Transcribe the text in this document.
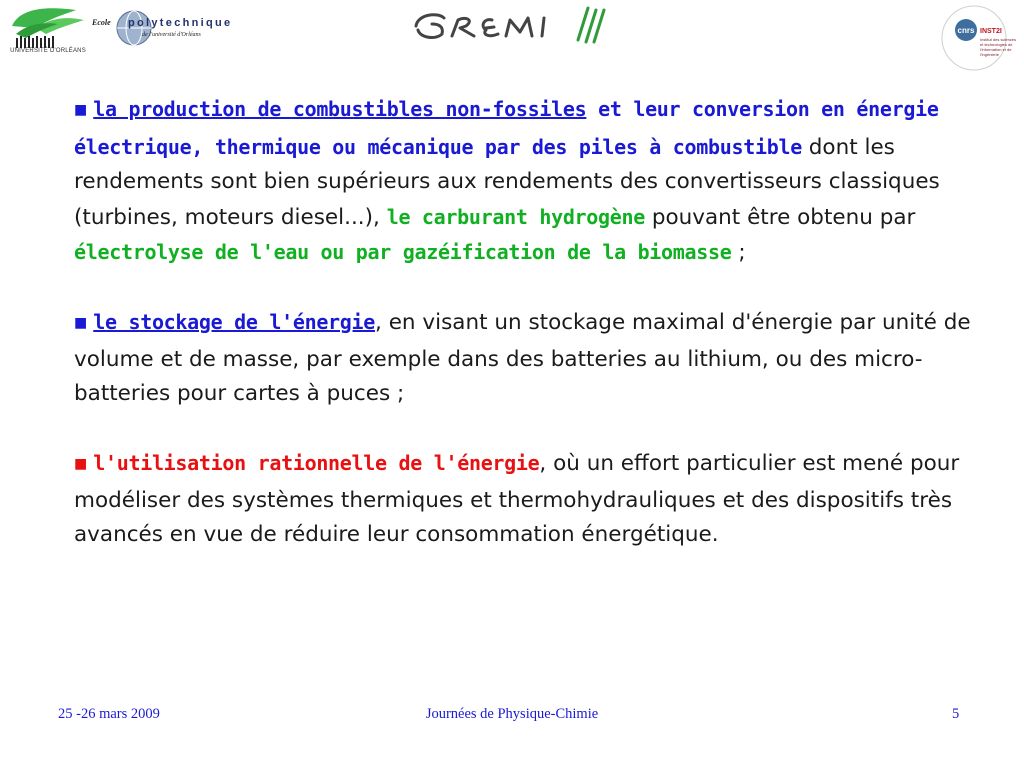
UNIVERSITÉ D'ORLÉANS
Ecole polytechnique
de l'université d'Orléans	cnrs INST2I
Institut des sciences et technologies de l'information et de l'ingénierie

■ la production de combustibles non-fossiles et leur conversion en énergie électrique, thermique ou mécanique par des piles à combustible dont les rendements sont bien supérieurs aux rendements des convertisseurs classiques (turbines, moteurs diesel...), le carburant hydrogène pouvant être obtenu par électrolyse de l'eau ou par gazéification de la biomasse ;

■ le stockage de l'énergie, en visant un stockage maximal d'énergie par unité de volume et de masse, par exemple dans des batteries au lithium, ou des micro-batteries pour cartes à puces ;

■ l'utilisation rationnelle de l'énergie, où un effort particulier est mené pour modéliser des systèmes thermiques et thermohydrauliques et des dispositifs très avancés en vue de réduire leur consommation énergétique.

Journées de Physique-Chimie
25 -26 mars 2009	5
